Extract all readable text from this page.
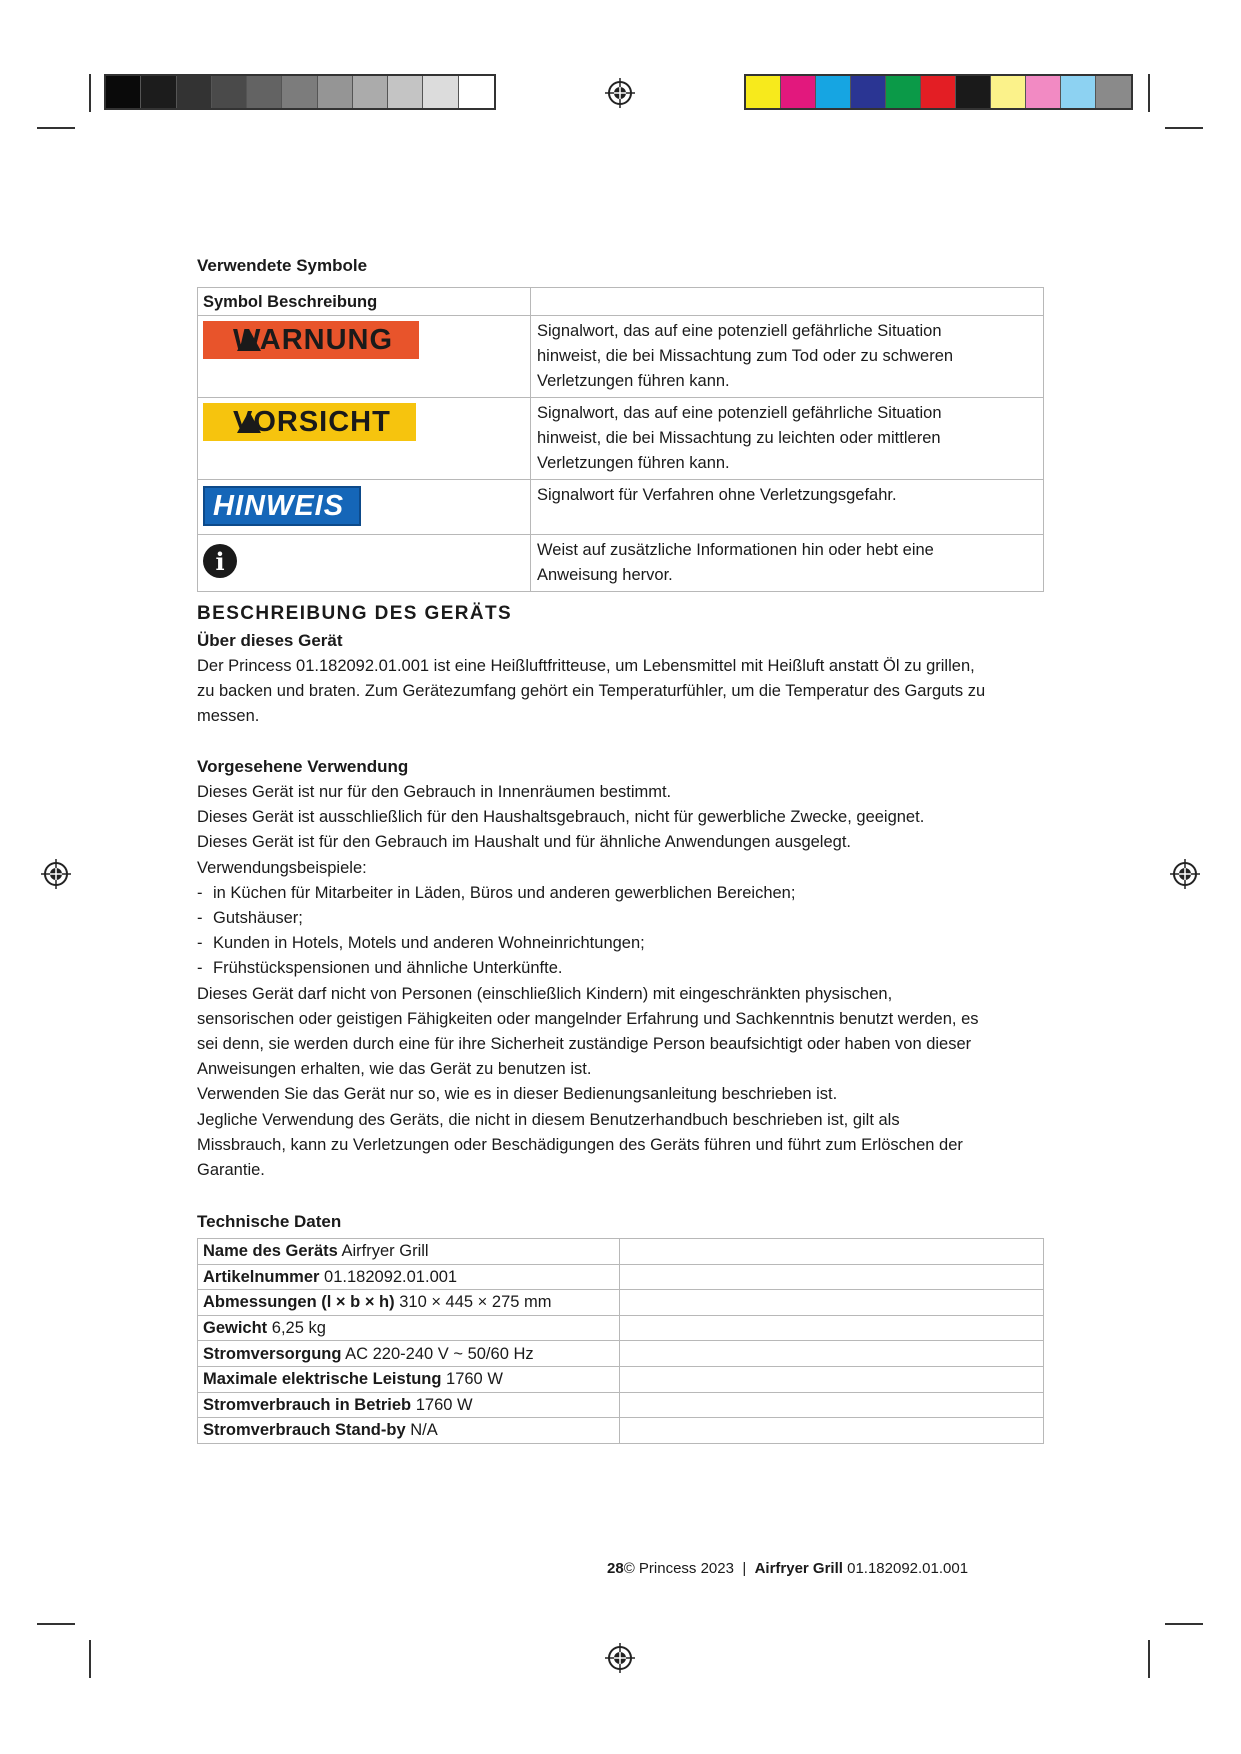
Verwendete Symbole
Symbol Beschreibung	

WARNUNG	Signalwort, das auf eine potenziell gefährliche Situation
hinweist, die bei Missachtung zum Tod oder zu schweren
Verletzungen führen kann.

VORSICHT	Signalwort, das auf eine potenziell gefährliche Situation
hinweist, die bei Missachtung zu leichten oder mittleren
Verletzungen führen kann.

HINWEIS	Signalwort für Verfahren ohne Verletzungsgefahr.

i	Weist auf zusätzliche Informationen hin oder hebt eine
Anweisung hervor.
BESCHREIBUNG DES GERÄTS
Über dieses Gerät
Der Princess 01.182092.01.001 ist eine Heißluftfritteuse, um Lebensmittel mit Heißluft anstatt Öl zu grillen,
zu backen und braten. Zum Gerätezumfang gehört ein Temperaturfühler, um die Temperatur des Garguts zu
messen.
Vorgesehene Verwendung
Dieses Gerät ist nur für den Gebrauch in Innenräumen bestimmt.
Dieses Gerät ist ausschließlich für den Haushaltsgebrauch, nicht für gewerbliche Zwecke, geeignet.
Dieses Gerät ist für den Gebrauch im Haushalt und für ähnliche Anwendungen ausgelegt.
Verwendungsbeispiele:
- in Küchen für Mitarbeiter in Läden, Büros und anderen gewerblichen Bereichen;
- Gutshäuser;
- Kunden in Hotels, Motels und anderen Wohneinrichtungen;
- Frühstückspensionen und ähnliche Unterkünfte.
Dieses Gerät darf nicht von Personen (einschließlich Kindern) mit eingeschränkten physischen,
sensorischen oder geistigen Fähigkeiten oder mangelnder Erfahrung und Sachkenntnis benutzt werden, es
sei denn, sie werden durch eine für ihre Sicherheit zuständige Person beaufsichtigt oder haben von dieser
Anweisungen erhalten, wie das Gerät zu benutzen ist.
Verwenden Sie das Gerät nur so, wie es in dieser Bedienungsanleitung beschrieben ist.
Jegliche Verwendung des Geräts, die nicht in diesem Benutzerhandbuch beschrieben ist, gilt als
Missbrauch, kann zu Verletzungen oder Beschädigungen des Geräts führen und führt zum Erlöschen der
Garantie.
Technische Daten
Name des Geräts Airfryer Grill	
Artikelnummer 01.182092.01.001	
Abmessungen (l × b × h) 310 × 445 × 275 mm	
Gewicht 6,25 kg	
Stromversorgung AC 220-240 V ~ 50/60 Hz	
Maximale elektrische Leistung 1760 W	
Stromverbrauch in Betrieb 1760 W	
Stromverbrauch Stand-by N/A	
28© Princess 2023 | Airfryer Grill 01.182092.01.001
